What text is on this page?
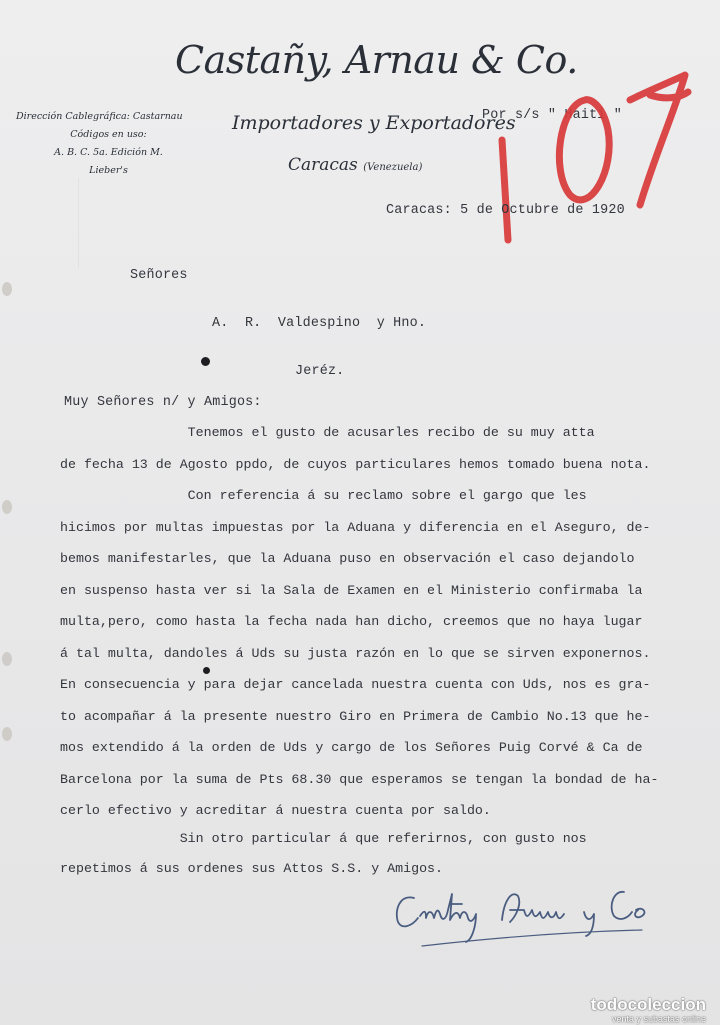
Castañy, Arnau & Co.
Importadores y Exportadores
Caracas (Venezuela)
Dirección Cablegráfica: Castarnau
Códigos en uso:
A. B. C. 5a. Edición M.
Lieber's
Por s/s " Haiti "
Caracas: 5 de Octubre de 1920
Señores
A.  R.  Valdespino  y Hno.
Jeréz.
Muy Señores n/ y Amigos:
Tenemos el gusto de acusarles recibo de su muy atta
de fecha 13 de Agosto ppdo, de cuyos particulares hemos tomado buena nota.
Con referencia á su reclamo sobre el gargo que les
hicimos por multas impuestas por la Aduana y diferencia en el Aseguro, de-
bemos manifestarles, que la Aduana puso en observación el caso dejandolo
en suspenso hasta ver si la Sala de Examen en el Ministerio confirmaba la
multa,pero, como hasta la fecha nada han dicho, creemos que no haya lugar
á tal multa, dandoles á Uds su justa razón en lo que se sirven exponernos.
En consecuencia y para dejar cancelada nuestra cuenta con Uds, nos es gra-
to acompañar á la presente nuestro Giro en Primera de Cambio No.13 que he-
mos extendido á la orden de Uds y cargo de los Señores Puig Corvé & Ca de
Barcelona por la suma de Pts 68.30 que esperamos se tengan la bondad de ha-
cerlo efectivo y acreditar á nuestra cuenta por saldo.
Sin otro particular á que referirnos, con gusto nos
repetimos á sus ordenes sus Attos S.S. y Amigos.
todocoleccion
venta y subastas online
